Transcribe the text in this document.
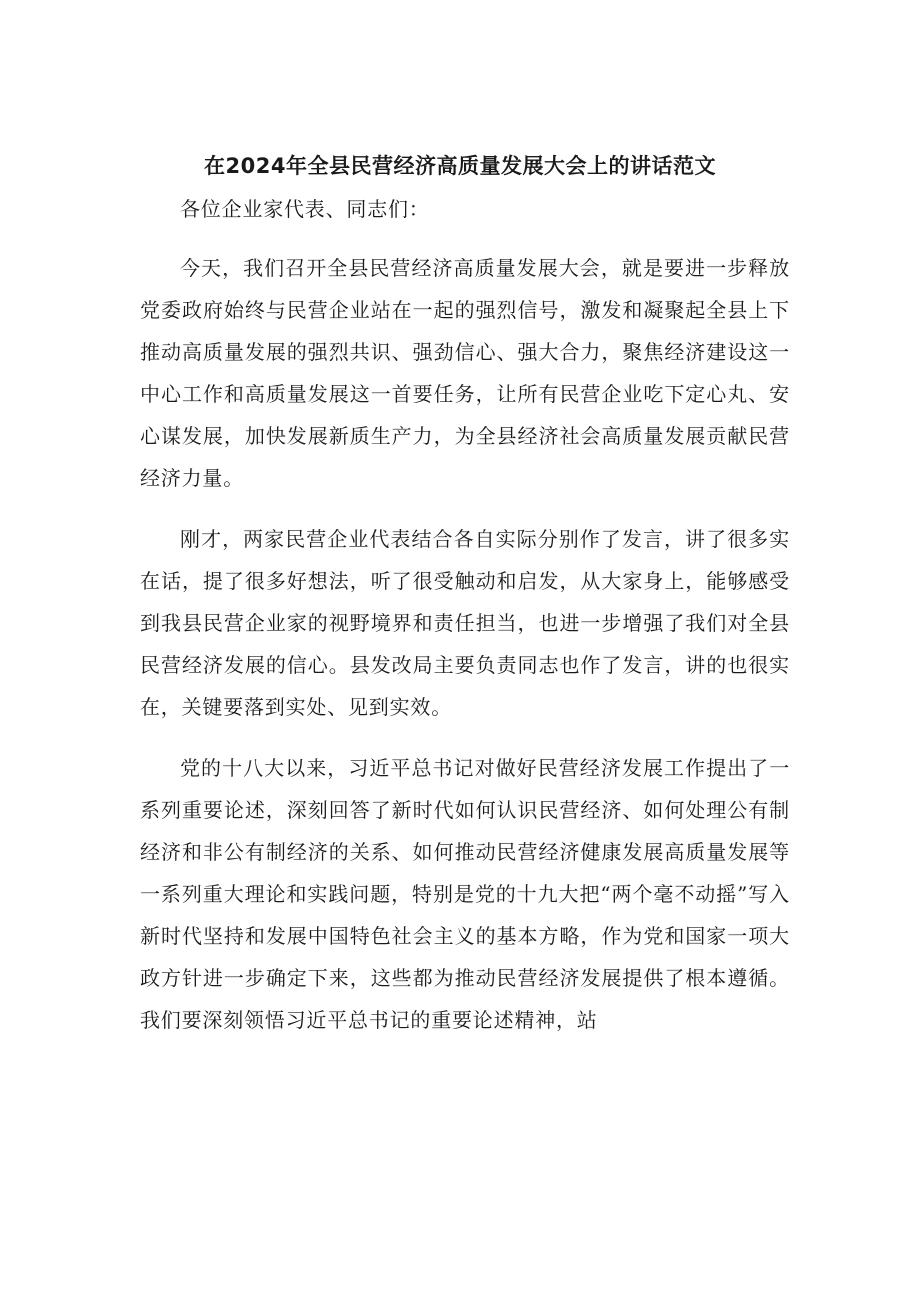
在2024年全县民营经济高质量发展大会上的讲话范文

各位企业家代表、同志们：

今天，我们召开全县民营经济高质量发展大会，就是要进一步释放党委政府始终与民营企业站在一起的强烈信号，激发和凝聚起全县上下推动高质量发展的强烈共识、强劲信心、强大合力，聚焦经济建设这一中心工作和高质量发展这一首要任务，让所有民营企业吃下定心丸、安心谋发展，加快发展新质生产力，为全县经济社会高质量发展贡献民营经济力量。

刚才，两家民营企业代表结合各自实际分别作了发言，讲了很多实在话，提了很多好想法，听了很受触动和启发，从大家身上，能够感受到我县民营企业家的视野境界和责任担当，也进一步增强了我们对全县民营经济发展的信心。县发改局主要负责同志也作了发言，讲的也很实在，关键要落到实处、见到实效。

党的十八大以来，习近平总书记对做好民营经济发展工作提出了一系列重要论述，深刻回答了新时代如何认识民营经济、如何处理公有制经济和非公有制经济的关系、如何推动民营经济健康发展高质量发展等一系列重大理论和实践问题，特别是党的十九大把“两个毫不动摇”写入新时代坚持和发展中国特色社会主义的基本方略，作为党和国家一项大政方针进一步确定下来，这些都为推动民营经济发展提供了根本遵循。我们要深刻领悟习近平总书记的重要论述精神，站
